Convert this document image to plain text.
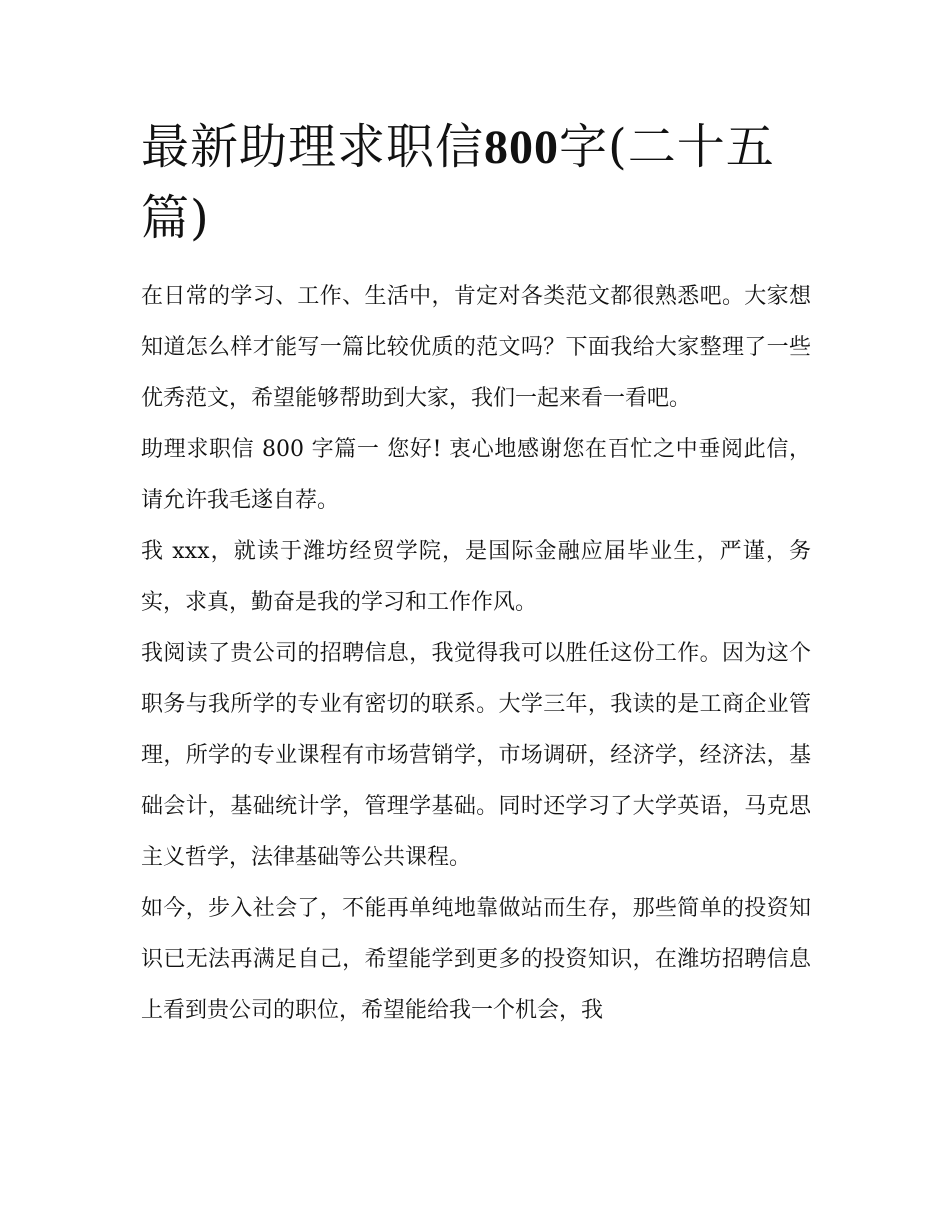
最新助理求职信800字(二十五篇)

在日常的学习、工作、生活中，肯定对各类范文都很熟悉吧。大家想知道怎么样才能写一篇比较优质的范文吗？下面我给大家整理了一些优秀范文，希望能够帮助到大家，我们一起来看一看吧。

助理求职信 800 字篇一 您好! 衷心地感谢您在百忙之中垂阅此信，请允许我毛遂自荐。

我 xxx，就读于潍坊经贸学院，是国际金融应届毕业生，严谨，务实，求真，勤奋是我的学习和工作作风。

我阅读了贵公司的招聘信息，我觉得我可以胜任这份工作。因为这个职务与我所学的专业有密切的联系。大学三年，我读的是工商企业管理，所学的专业课程有市场营销学，市场调研，经济学，经济法，基础会计，基础统计学，管理学基础。同时还学习了大学英语，马克思主义哲学，法律基础等公共课程。

如今，步入社会了，不能再单纯地靠做站而生存，那些简单的投资知识已无法再满足自己，希望能学到更多的投资知识，在潍坊招聘信息上看到贵公司的职位，希望能给我一个机会，我
